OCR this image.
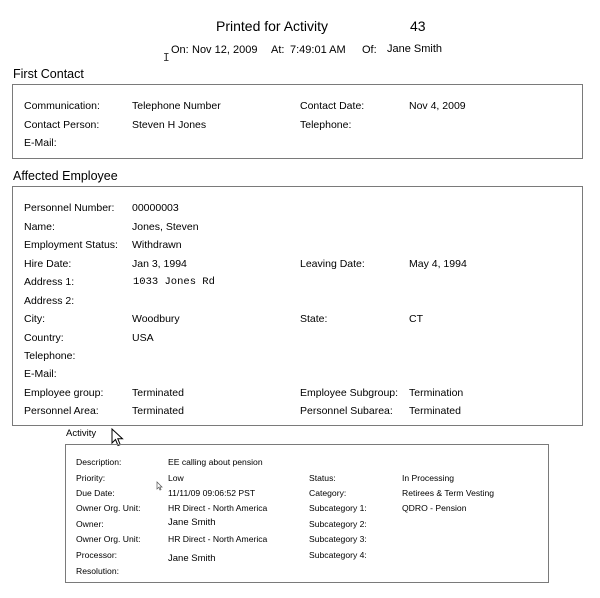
Printed for Activity	43
On: Nov 12, 2009 At: 7:49:01 AM Of: Jane Smith
I
First Contact
Communication:	Telephone Number	Contact Date:	Nov 4, 2009
Contact Person:	Steven H Jones	Telephone:
E-Mail:
Affected Employee
Personnel Number: 00000003
Name:	Jones, Steven
Employment Status: Withdrawn
Hire Date:	Jan 3, 1994	Leaving Date:	May 4, 1994
Address 1:	1033 Jones Rd
Address 2:
City:	Woodbury	State:	CT
Country:	USA
Telephone:
E-Mail:
Employee group:	Terminated	Employee Subgroup: Termination
Personnel Area:	Terminated	Personnel Subarea: Terminated
Activity
Description:	EE calling about pension
Priority:	Low	Status:	In Processing
Due Date:	11/11/09 09:06:52 PST	Category:	Retirees & Term Vesting
Owner Org. Unit:	HR Direct - North America	Subcategory 1:	QDRO - Pension
Owner:	Jane Smith	Subcategory 2:
Owner Org. Unit:	HR Direct - North America	Subcategory 3:
Processor:	Jane Smith	Subcategory 4:
Resolution:
